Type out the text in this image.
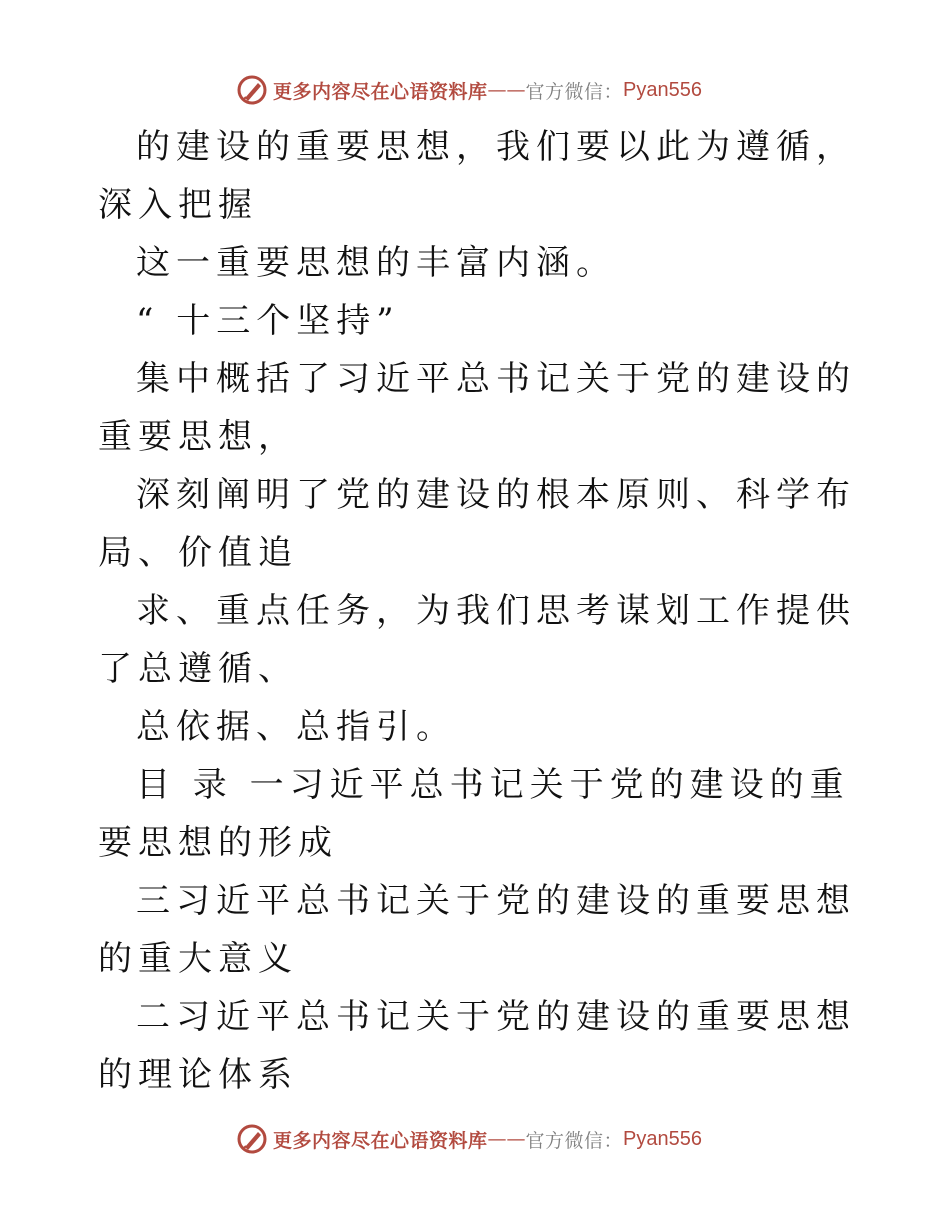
更多内容尽在心语资料库 —— 官方微信： Pyan556

的建设的重要思想，我们要以此为遵循，深入把握

这一重要思想的丰富内涵。

“ 十三个坚持”

集中概括了习近平总书记关于党的建设的重要思想，

深刻阐明了党的建设的根本原则、科学布局、价值追

求、重点任务，为我们思考谋划工作提供了总遵循、

总依据、总指引。

目 录 一习近平总书记关于党的建设的重要思想的形成

三习近平总书记关于党的建设的重要思想的重大意义

二习近平总书记关于党的建设的重要思想的理论体系

更多内容尽在心语资料库 —— 官方微信： Pyan556
